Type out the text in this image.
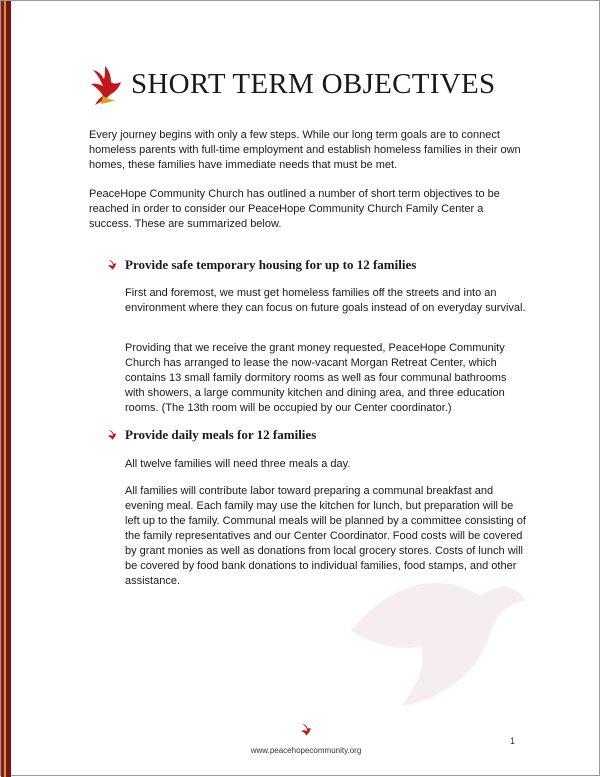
SHORT TERM OBJECTIVES

Every journey begins with only a few steps. While our long term goals are to connect homeless parents with full-time employment and establish homeless families in their own homes, these families have immediate needs that must be met.

PeaceHope Community Church has outlined a number of short term objectives to be reached in order to consider our PeaceHope Community Church Family Center a success. These are summarized below.

Provide safe temporary housing for up to 12 families

First and foremost, we must get homeless families off the streets and into an environment where they can focus on future goals instead of on everyday survival.

Providing that we receive the grant money requested, PeaceHope Community Church has arranged to lease the now-vacant Morgan Retreat Center, which contains 13 small family dormitory rooms as well as four communal bathrooms with showers, a large community kitchen and dining area, and three education rooms. (The 13th room will be occupied by our Center coordinator.)

Provide daily meals for 12 families

All twelve families will need three meals a day.

All families will contribute labor toward preparing a communal breakfast and evening meal. Each family may use the kitchen for lunch, but preparation will be left up to the family. Communal meals will be planned by a committee consisting of the family representatives and our Center Coordinator. Food costs will be covered by grant monies as well as donations from local grocery stores. Costs of lunch will be covered by food bank donations to individual families, food stamps, and other assistance.

www.peacehopecommunity.org
1
